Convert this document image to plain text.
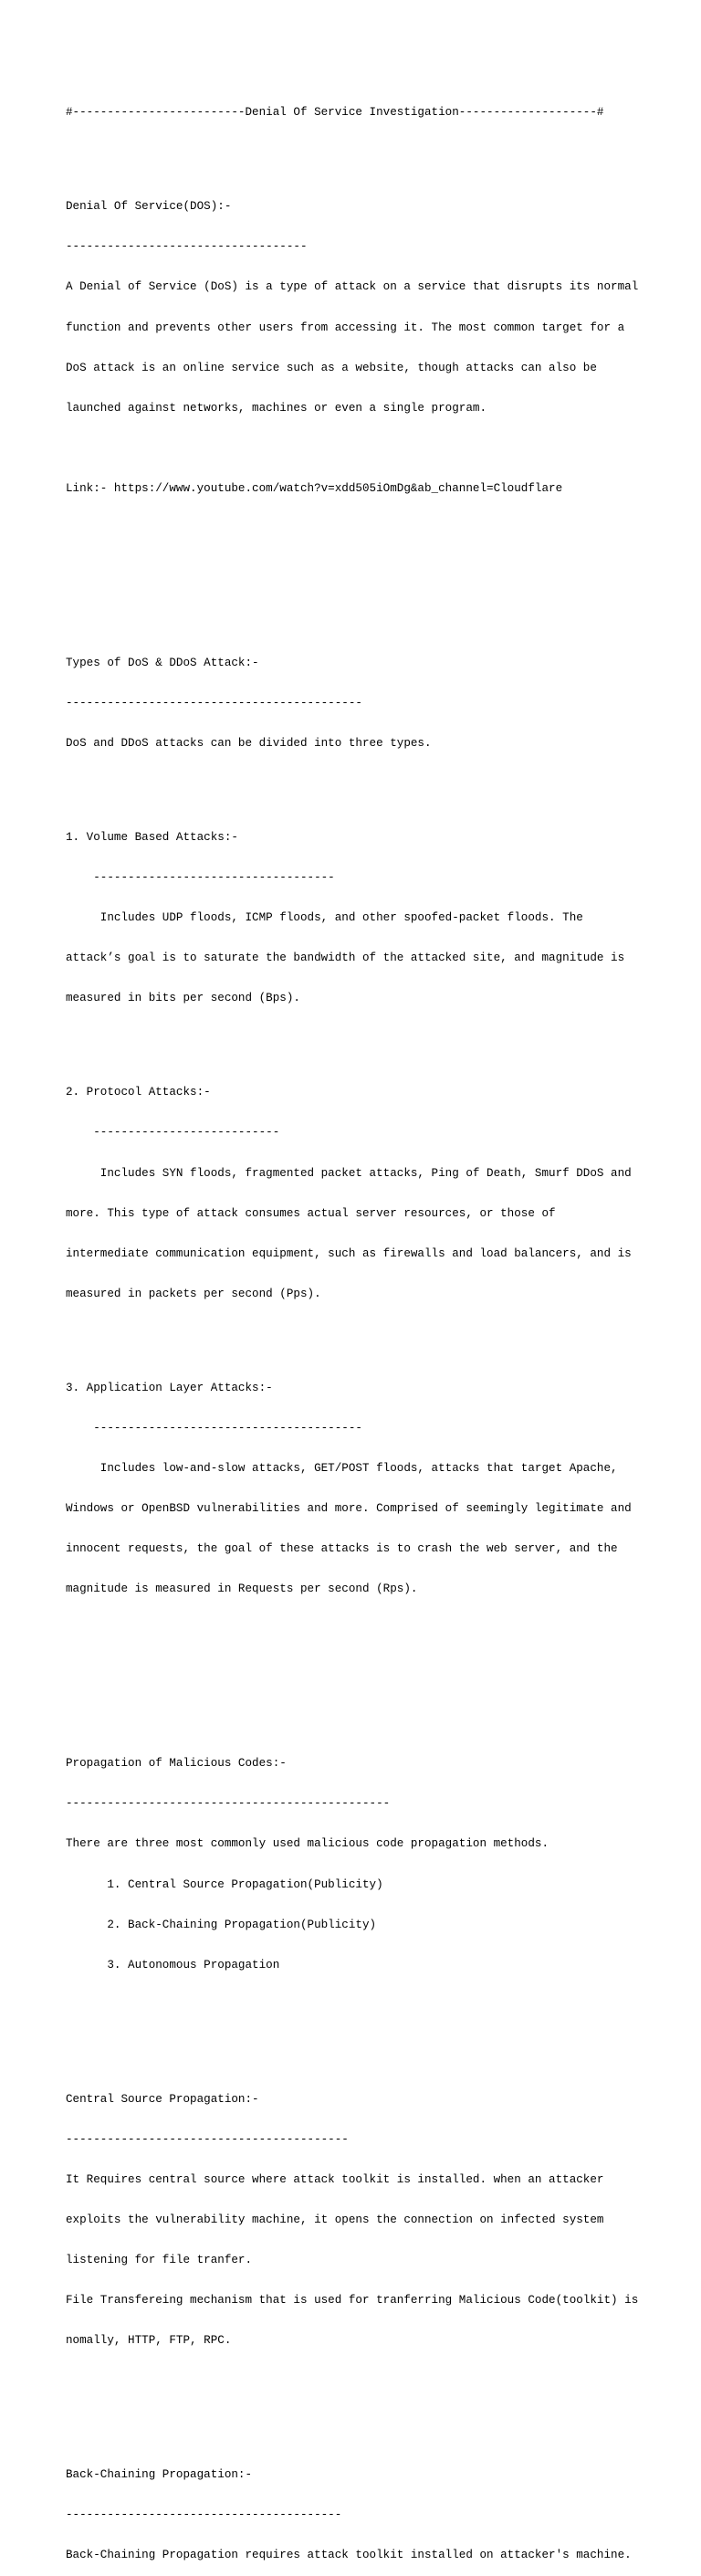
#-------------------------Denial Of Service Investigation--------------------#

Denial Of Service(DOS):-

-----------------------------------

A Denial of Service (DoS) is a type of attack on a service that disrupts its normal

function and prevents other users from accessing it. The most common target for a

DoS attack is an online service such as a website, though attacks can also be

launched against networks, machines or even a single program.

Link:- https://www.youtube.com/watch?v=xdd505iOmDg&ab_channel=Cloudflare

Types of DoS & DDoS Attack:-

-------------------------------------------

DoS and DDoS attacks can be divided into three types.

1. Volume Based Attacks:-

-----------------------------------

Includes UDP floods, ICMP floods, and other spoofed-packet floods. The

attack’s goal is to saturate the bandwidth of the attacked site, and magnitude is

measured in bits per second (Bps).

2. Protocol Attacks:-

---------------------------

Includes SYN floods, fragmented packet attacks, Ping of Death, Smurf DDoS and

more. This type of attack consumes actual server resources, or those of

intermediate communication equipment, such as firewalls and load balancers, and is

measured in packets per second (Pps).

3. Application Layer Attacks:-

---------------------------------------

Includes low-and-slow attacks, GET/POST floods, attacks that target Apache,

Windows or OpenBSD vulnerabilities and more. Comprised of seemingly legitimate and

innocent requests, the goal of these attacks is to crash the web server, and the

magnitude is measured in Requests per second (Rps).

Propagation of Malicious Codes:-

-----------------------------------------------

There are three most commonly used malicious code propagation methods.

1. Central Source Propagation(Publicity)

2. Back-Chaining Propagation(Publicity)

3. Autonomous Propagation

Central Source Propagation:-

-----------------------------------------

It Requires central source where attack toolkit is installed. when an attacker

exploits the vulnerability machine, it opens the connection on infected system

listening for file tranfer.

File Transfereing mechanism that is used for tranferring Malicious Code(toolkit) is

nomally, HTTP, FTP, RPC.

Back-Chaining Propagation:-

----------------------------------------

Back-Chaining Propagation requires attack toolkit installed on attacker's machine.
